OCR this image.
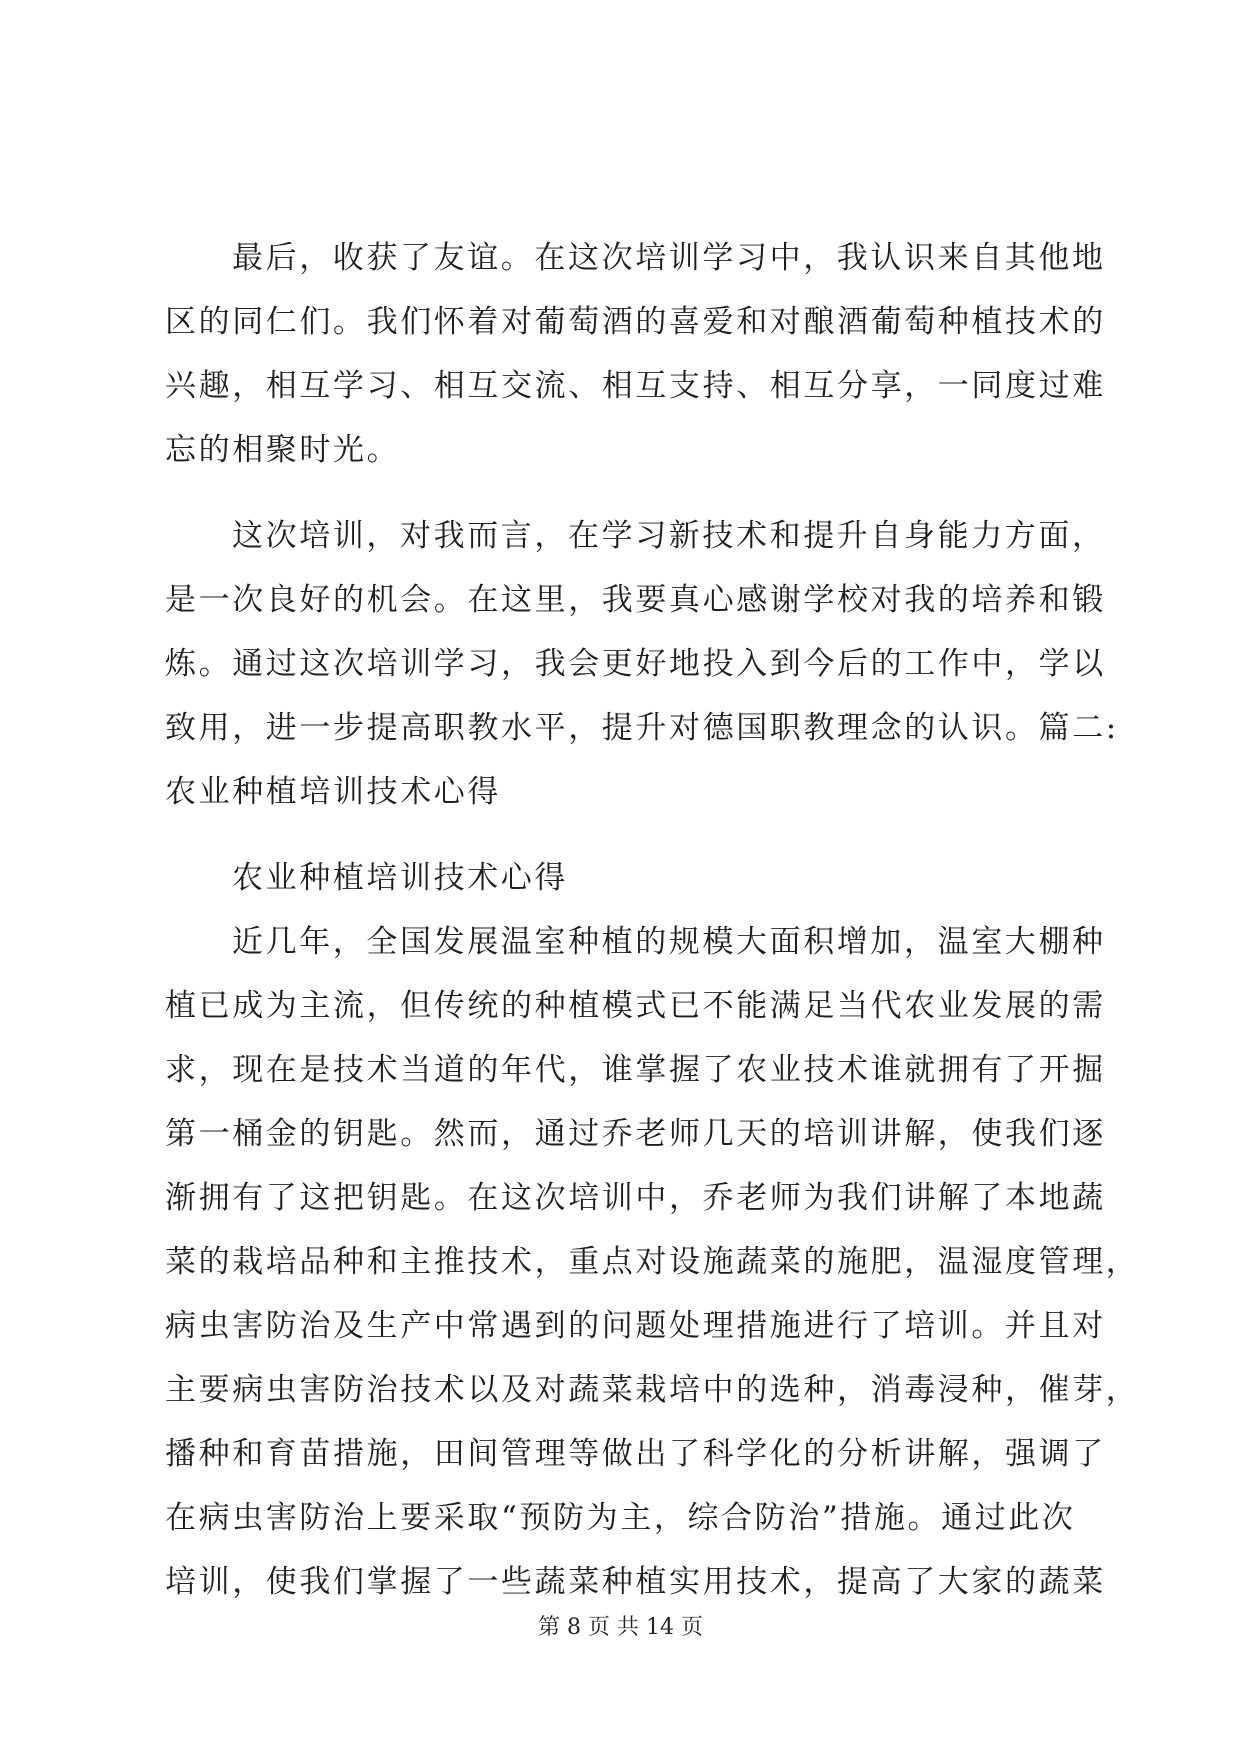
最后，收获了友谊。在这次培训学习中，我认识来自其他地
区的同仁们。我们怀着对葡萄酒的喜爱和对酿酒葡萄种植技术的
兴趣，相互学习、相互交流、相互支持、相互分享，一同度过难
忘的相聚时光。
这次培训，对我而言，在学习新技术和提升自身能力方面，
是一次良好的机会。在这里，我要真心感谢学校对我的培养和锻
炼。通过这次培训学习，我会更好地投入到今后的工作中，学以
致用，进一步提高职教水平，提升对德国职教理念的认识。篇二:
农业种植培训技术心得
农业种植培训技术心得
近几年，全国发展温室种植的规模大面积增加，温室大棚种
植已成为主流，但传统的种植模式已不能满足当代农业发展的需
求，现在是技术当道的年代，谁掌握了农业技术谁就拥有了开掘
第一桶金的钥匙。然而，通过乔老师几天的培训讲解，使我们逐
渐拥有了这把钥匙。在这次培训中，乔老师为我们讲解了本地蔬
菜的栽培品种和主推技术，重点对设施蔬菜的施肥，温湿度管理，
病虫害防治及生产中常遇到的问题处理措施进行了培训。并且对
主要病虫害防治技术以及对蔬菜栽培中的选种，消毒浸种，催芽，
播种和育苗措施，田间管理等做出了科学化的分析讲解，强调了
在病虫害防治上要采取“预防为主，综合防治”措施。通过此次
培训，使我们掌握了一些蔬菜种植实用技术，提高了大家的蔬菜
第 8 页 共 14 页
